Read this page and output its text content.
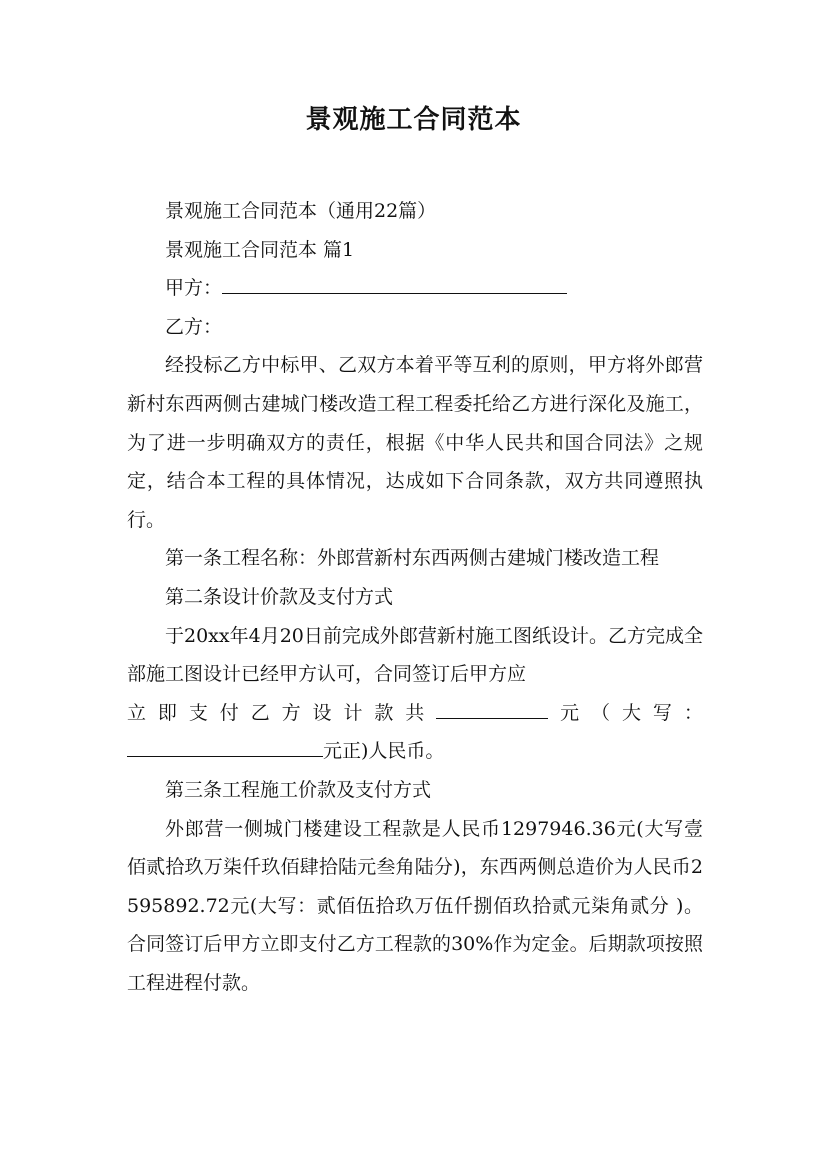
景观施工合同范本

景观施工合同范本（通用22篇）

景观施工合同范本 篇1

甲方：

乙方：

经投标乙方中标甲、乙双方本着平等互利的原则，甲方将外郎营新村东西两侧古建城门楼改造工程工程委托给乙方进行深化及施工，为了进一步明确双方的责任，根据《中华人民共和国合同法》之规定，结合本工程的具体情况，达成如下合同条款，双方共同遵照执行。

第一条工程名称：外郎营新村东西两侧古建城门楼改造工程

第二条设计价款及支付方式

于20xx年4月20日前完成外郎营新村施工图纸设计。乙方完成全部施工图设计已经甲方认可，合同签订后甲方应

立 即 支 付 乙 方 设 计 款 共	元 （ 大 写 ：

元正)人民币。

第三条工程施工价款及支付方式

外郎营一侧城门楼建设工程款是人民币1297946.36元(大写壹佰贰拾玖万柒仟玖佰肆拾陆元叁角陆分)，东西两侧总造价为人民币2595892.72元(大写：贰佰伍拾玖万伍仟捌佰玖拾贰元柒角贰分 )。合同签订后甲方立即支付乙方工程款的30%作为定金。后期款项按照工程进程付款。
